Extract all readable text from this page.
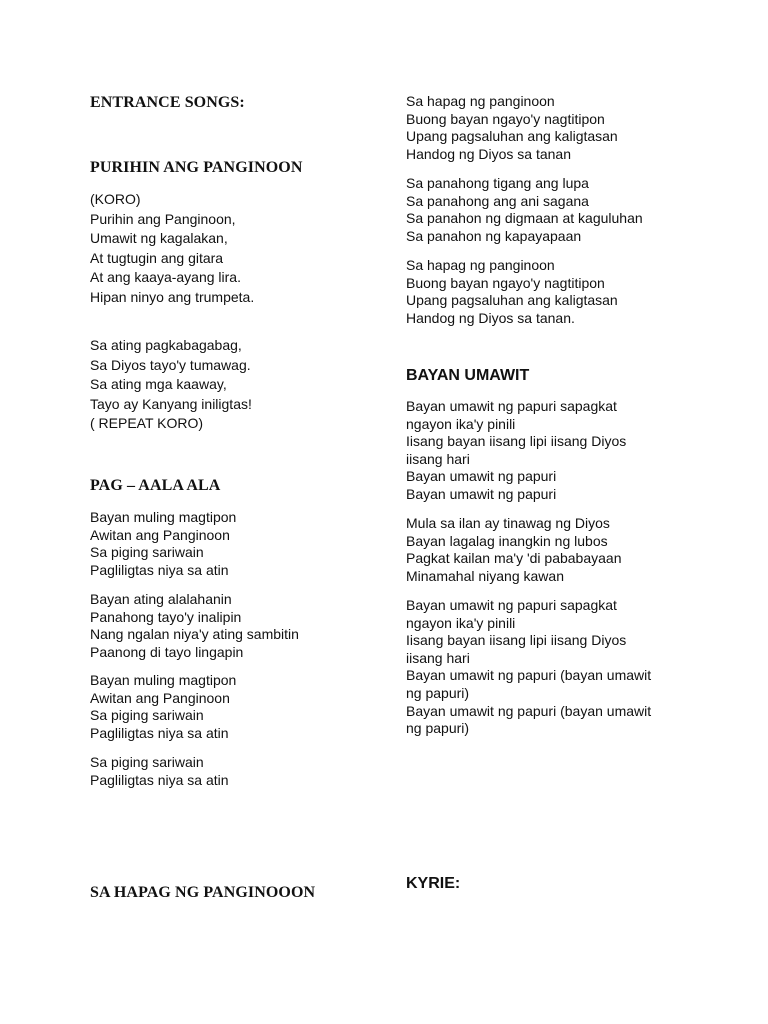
ENTRANCE SONGS:
PURIHIN ANG PANGINOON
(KORO)
Purihin ang Panginoon,
Umawit ng kagalakan,
At tugtugin ang gitara
At ang kaaya-ayang lira.
Hipan ninyo ang trumpeta.
Sa ating pagkabagabag,
Sa Diyos tayo'y tumawag.
Sa ating mga kaaway,
Tayo ay Kanyang iniligtas!
( REPEAT KORO)
PAG – AALA ALA
Bayan muling magtipon
Awitan ang Panginoon
Sa piging sariwain
Pagliligtas niya sa atin
Bayan ating alalahanin
Panahong tayo'y inalipin
Nang ngalan niya'y ating sambitin
Paanong di tayo lingapin
Bayan muling magtipon
Awitan ang Panginoon
Sa piging sariwain
Pagliligtas niya sa atin
Sa piging sariwain
Pagliligtas niya sa atin
SA HAPAG NG PANGINOOON
Sa hapag ng panginoon
Buong bayan ngayo'y nagtitipon
Upang pagsaluhan ang kaligtasan
Handog ng Diyos sa tanan
Sa panahong tigang ang lupa
Sa panahong ang ani sagana
Sa panahon ng digmaan at kaguluhan
Sa panahon ng kapayapaan
Sa hapag ng panginoon
Buong bayan ngayo'y nagtitipon
Upang pagsaluhan ang kaligtasan
Handog ng Diyos sa tanan.
BAYAN UMAWIT
Bayan umawit ng papuri sapagkat
ngayon ika'y pinili
Iisang bayan iisang lipi iisang Diyos
iisang hari
Bayan umawit ng papuri
Bayan umawit ng papuri
Mula sa ilan ay tinawag ng Diyos
Bayan lagalag inangkin ng lubos
Pagkat kailan ma'y 'di pababayaan
Minamahal niyang kawan
Bayan umawit ng papuri sapagkat
ngayon ika'y pinili
Iisang bayan iisang lipi iisang Diyos
iisang hari
Bayan umawit ng papuri (bayan umawit
ng papuri)
Bayan umawit ng papuri (bayan umawit
ng papuri)
KYRIE:
